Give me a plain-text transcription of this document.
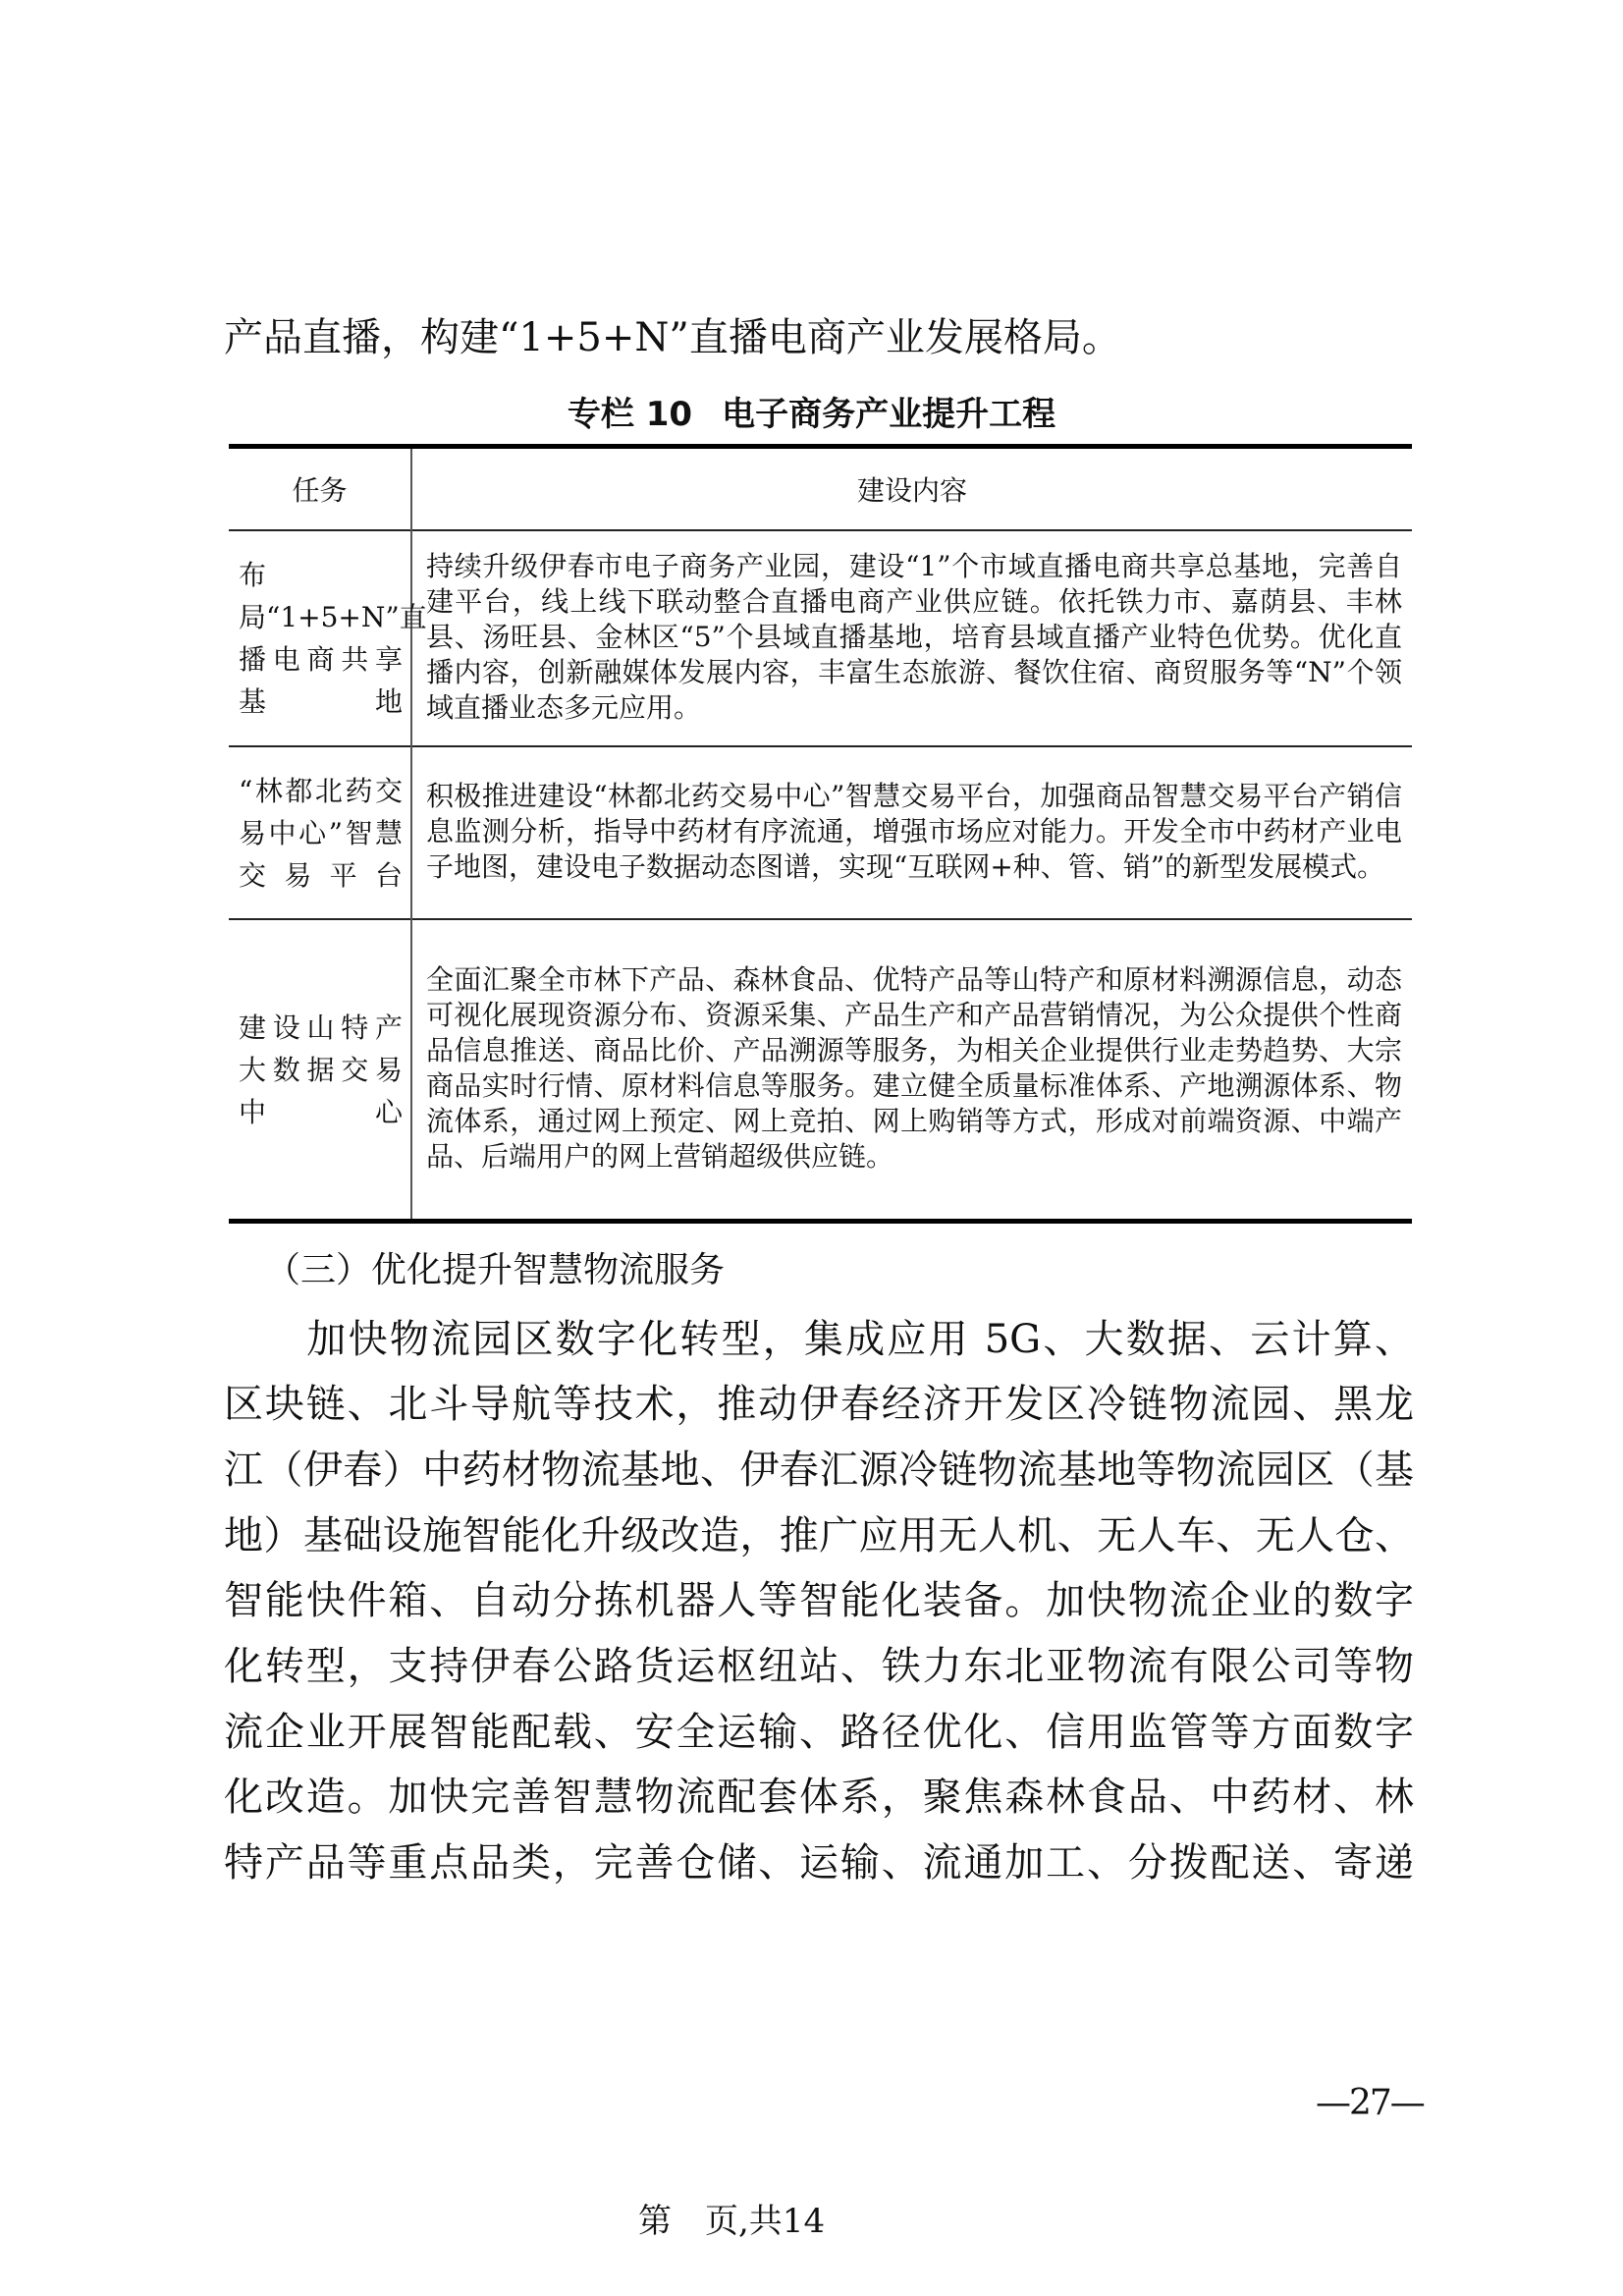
产品直播，构建“1+5+N”直播电商产业发展格局。
专栏 10 电子商务产业提升工程
任务	建设内容
布　　局“1+5+N”直播电商共享基地	持续升级伊春市电子商务产业园，建设“1”个市域直播电商共享总基地，完善自建平台，线上线下联动整合直播电商产业供应链。依托铁力市、嘉荫县、丰林县、汤旺县、金林区“5”个县域直播基地，培育县域直播产业特色优势。优化直播内容，创新融媒体发展内容，丰富生态旅游、餐饮住宿、商贸服务等“N”个领域直播业态多元应用。
“林都北药交易中心”智慧交易平台	积极推进建设“林都北药交易中心”智慧交易平台，加强商品智慧交易平台产销信息监测分析，指导中药材有序流通，增强市场应对能力。开发全市中药材产业电子地图，建设电子数据动态图谱，实现“互联网+种、管、销”的新型发展模式。
建设山特产大数据交易中心	全面汇聚全市林下产品、森林食品、优特产品等山特产和原材料溯源信息，动态可视化展现资源分布、资源采集、产品生产和产品营销情况，为公众提供个性商品信息推送、商品比价、产品溯源等服务，为相关企业提供行业走势趋势、大宗商品实时行情、原材料信息等服务。建立健全质量标准体系、产地溯源体系、物流体系，通过网上预定、网上竞拍、网上购销等方式，形成对前端资源、中端产品、后端用户的网上营销超级供应链。
（三）优化提升智慧物流服务
　　加快物流园区数字化转型，集成应用 5G、大数据、云计算、
区块链、北斗导航等技术，推动伊春经济开发区冷链物流园、黑龙
江（伊春）中药材物流基地、伊春汇源冷链物流基地等物流园区（基
地）基础设施智能化升级改造，推广应用无人机、无人车、无人仓、
智能快件箱、自动分拣机器人等智能化装备。加快物流企业的数字
化转型，支持伊春公路货运枢纽站、铁力东北亚物流有限公司等物
流企业开展智能配载、安全运输、路径优化、信用监管等方面数字
化改造。加快完善智慧物流配套体系，聚焦森林食品、中药材、林
特产品等重点品类，完善仓储、运输、流通加工、分拨配送、寄递
—27—
第　页,共14
